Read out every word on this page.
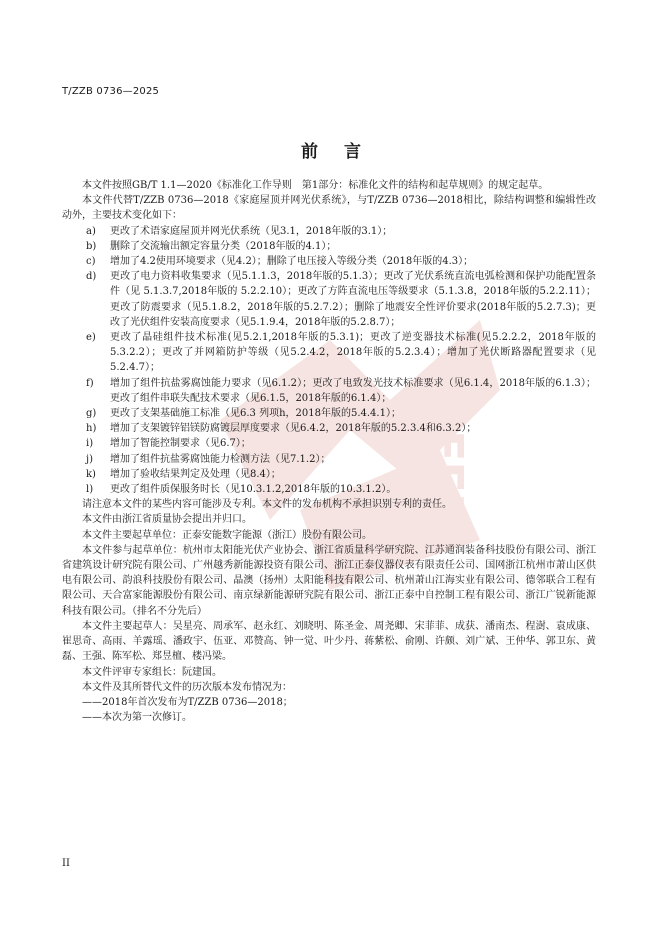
EFIN
T/ZZB 0736—2025
前言

本文件按照GB/T 1.1—2020《标准化工作导则　第1部分：标准化文件的结构和起草规则》的规定起草。

本文件代替T/ZZB 0736—2018《家庭屋顶并网光伏系统》，与T/ZZB 0736—2018相比，除结构调整和编辑性改动外，主要技术变化如下：

a)	更改了术语家庭屋顶并网光伏系统（见3.1，2018年版的3.1）；
b)	删除了交流输出额定容量分类（2018年版的4.1）；
c)	增加了4.2使用环境要求（见4.2）；删除了电压接入等级分类（2018年版的4.3）；
d)	更改了电力资料收集要求（见5.1.1.3，2018年版的5.1.3）；更改了光伏系统直流电弧检测和保护功能配置条件（见 5.1.3.7,2018年版的 5.2.2.10）；更改了方阵直流电压等级要求（5.1.3.8，2018年版的5.2.2.11）；更改了防震要求（见5.1.8.2，2018年版的5.2.7.2）；删除了地震安全性评价要求(2018年版的5.2.7.3)；更改了光伏组件安装高度要求（见5.1.9.4，2018年版的5.2.8.7）；
e)	更改了晶硅组件技术标准(见5.2.1,2018年版的5.3.1)；更改了逆变器技术标准(见5.2.2.2，2018年版的5.3.2.2）；更改了并网箱防护等级（见5.2.4.2，2018年版的5.2.3.4）；增加了光伏断路器配置要求（见5.2.4.7）；
f)	增加了组件抗盐雾腐蚀能力要求（见6.1.2）；更改了电致发光技术标准要求（见6.1.4，2018年版的6.1.3）；更改了组件串联失配技术要求（见6.1.5，2018年版的6.1.4）；
g)	更改了支架基础施工标准（见6.3 列项h，2018年版的5.4.4.1）；
h)	增加了支架镀锌铝镁防腐镀层厚度要求（见6.4.2，2018年版的5.2.3.4和6.3.2）；
i)	增加了智能控制要求（见6.7）；
j)	增加了组件抗盐雾腐蚀能力检测方法（见7.1.2）；
k)	增加了验收结果判定及处理（见8.4）；
l)	更改了组件质保服务时长（见10.3.1.2,2018年版的10.3.1.2）。

请注意本文件的某些内容可能涉及专利。本文件的发布机构不承担识别专利的责任。

本文件由浙江省质量协会提出并归口。

本文件主要起草单位：正泰安能数字能源（浙江）股份有限公司。

本文件参与起草单位：杭州市太阳能光伏产业协会、浙江省质量科学研究院、江苏通润装备科技股份有限公司、浙江省建筑设计研究院有限公司、广州越秀新能源投资有限公司、浙江正泰仪器仪表有限责任公司、国网浙江杭州市萧山区供电有限公司、韵浪科技股份有限公司、晶澳（扬州）太阳能科技有限公司、杭州萧山江海实业有限公司、德邻联合工程有限公司、天合富家能源股份有限公司、南京绿新能源研究院有限公司、浙江正泰中自控制工程有限公司、浙江广锐新能源科技有限公司。（排名不分先后）

本文件主要起草人：吴星亮、周承军、赵永红、刘晓明、陈圣金、周尧卿、宋菲菲、成获、潘南杰、程澍、袁成康、崔思奇、高雨、羊露瑶、潘政宇、伍亚、邓赞高、钟一觉、叶少丹、蒋紫松、俞刚、许颇、刘广斌、王仲华、郭卫东、黄磊、王强、陈军松、郑昱檀、楼冯梁。

本文件评审专家组长：阮建国。

本文件及其所替代文件的历次版本发布情况为：

——2018年首次发布为T/ZZB 0736—2018；

——本次为第一次修订。

II
